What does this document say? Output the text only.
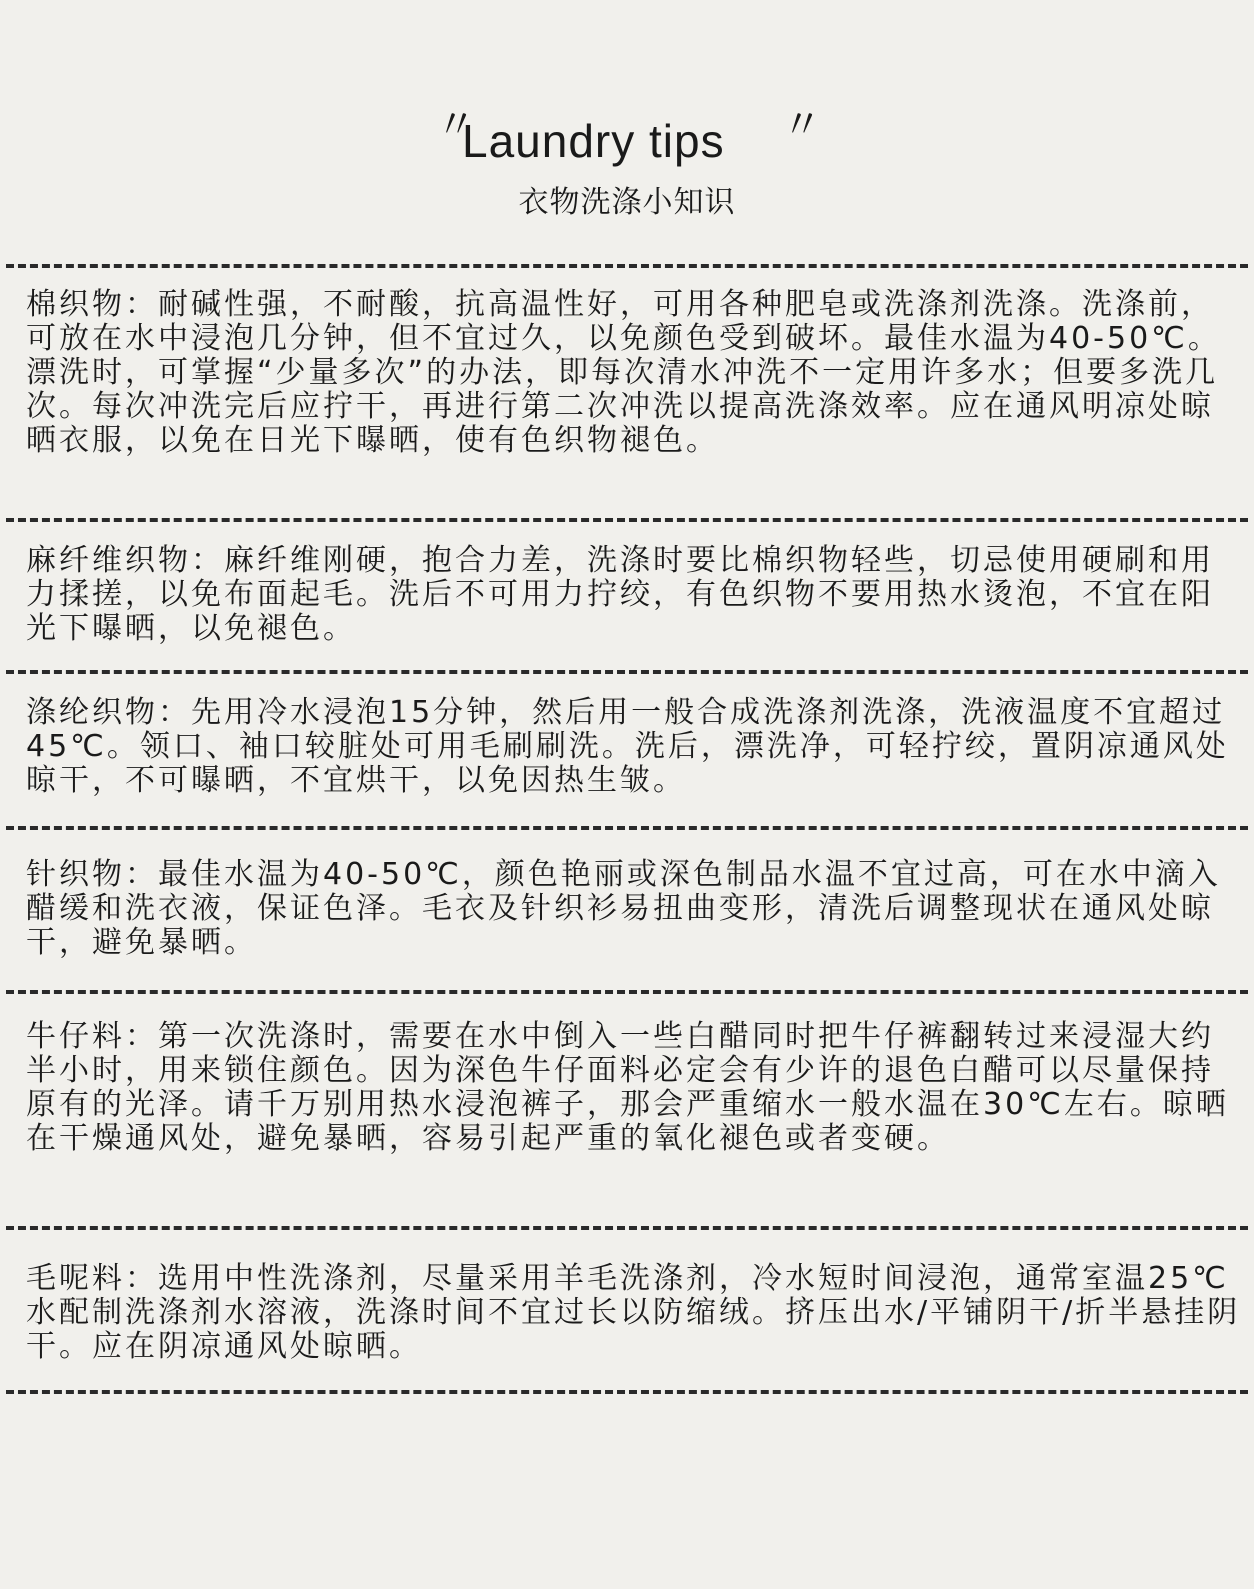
〃
Laundry tips 〃
衣物洗涤小知识
棉织物：耐碱性强，不耐酸，抗高温性好，可用各种肥皂或洗涤剂洗涤。洗涤前，可放在水中浸泡几分钟，但不宜过久，以免颜色受到破坏。最佳水温为40-50℃。漂洗时，可掌握“少量多次”的办法，即每次清水冲洗不一定用许多水；但要多洗几次。每次冲洗完后应拧干，再进行第二次冲洗以提高洗涤效率。应在通风明凉处晾晒衣服，以免在日光下曝晒，使有色织物褪色。
麻纤维织物：麻纤维刚硬，抱合力差，洗涤时要比棉织物轻些，切忌使用硬刷和用力揉搓，以免布面起毛。洗后不可用力拧绞，有色织物不要用热水烫泡，不宜在阳光下曝晒，以免褪色。
涤纶织物：先用冷水浸泡15分钟，然后用一般合成洗涤剂洗涤，洗液温度不宜超过45℃。领口、袖口较脏处可用毛刷刷洗。洗后，漂洗净，可轻拧绞，置阴凉通风处晾干，不可曝晒，不宜烘干，以免因热生皱。
针织物：最佳水温为40-50℃，颜色艳丽或深色制品水温不宜过高，可在水中滴入醋缓和洗衣液，保证色泽。毛衣及针织衫易扭曲变形，清洗后调整现状在通风处晾干，避免暴晒。
牛仔料：第一次洗涤时，需要在水中倒入一些白醋同时把牛仔裤翻转过来浸湿大约半小时，用来锁住颜色。因为深色牛仔面料必定会有少许的退色白醋可以尽量保持原有的光泽。请千万别用热水浸泡裤子，那会严重缩水一般水温在30℃左右。晾晒在干燥通风处，避免暴晒，容易引起严重的氧化褪色或者变硬。
毛呢料：选用中性洗涤剂，尽量采用羊毛洗涤剂，冷水短时间浸泡，通常室温25℃水配制洗涤剂水溶液，洗涤时间不宜过长以防缩绒。挤压出水/平铺阴干/折半悬挂阴干。应在阴凉通风处晾晒。
